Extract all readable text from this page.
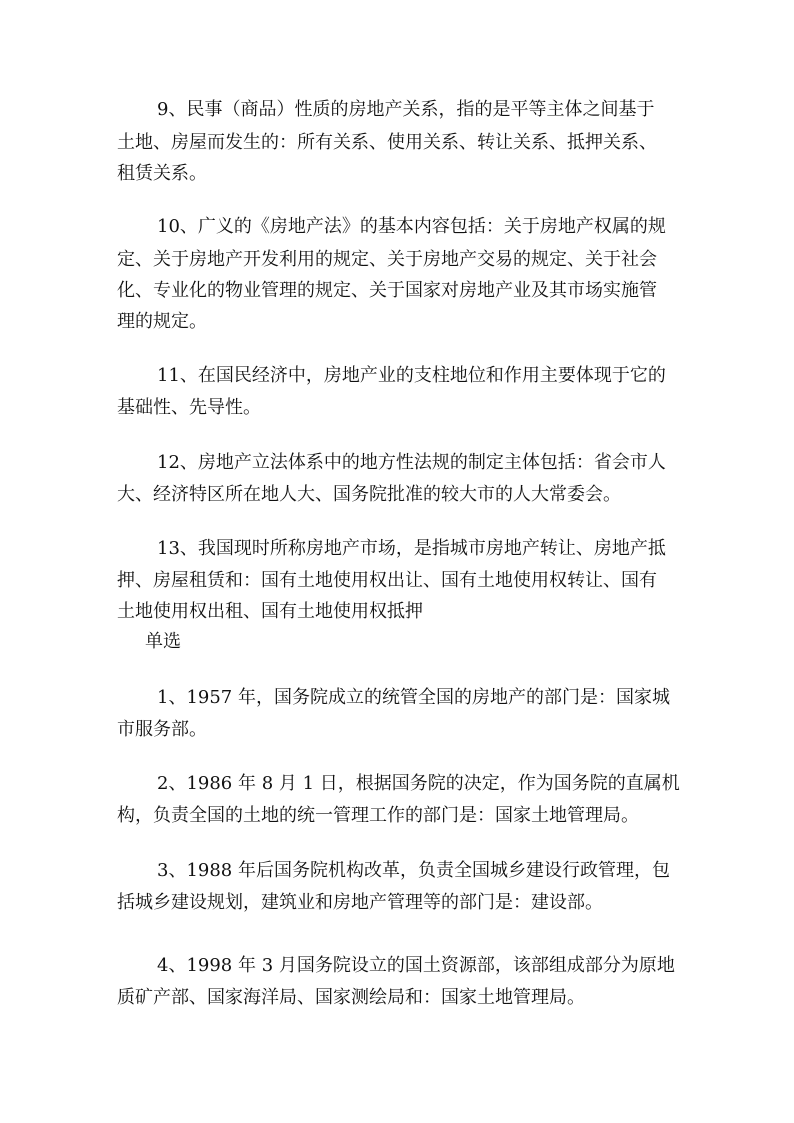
9、民事（商品）性质的房地产关系，指的是平等主体之间基于
土地、房屋而发生的：所有关系、使用关系、转让关系、抵押关系、
租赁关系。
10、广义的《房地产法》的基本内容包括：关于房地产权属的规
定、关于房地产开发利用的规定、关于房地产交易的规定、关于社会
化、专业化的物业管理的规定、关于国家对房地产业及其市场实施管
理的规定。
11、在国民经济中，房地产业的支柱地位和作用主要体现于它的
基础性、先导性。
12、房地产立法体系中的地方性法规的制定主体包括：省会市人
大、经济特区所在地人大、国务院批准的较大市的人大常委会。
13、我国现时所称房地产市场，是指城市房地产转让、房地产抵
押、房屋租赁和：国有土地使用权出让、国有土地使用权转让、国有
土地使用权出租、国有土地使用权抵押
单选
1、1957 年，国务院成立的统管全国的房地产的部门是：国家城
市服务部。
2、1986 年 8 月 1 日，根据国务院的决定，作为国务院的直属机
构，负责全国的土地的统一管理工作的部门是：国家土地管理局。
3、1988 年后国务院机构改革，负责全国城乡建设行政管理，包
括城乡建设规划，建筑业和房地产管理等的部门是：建设部。
4、1998 年 3 月国务院设立的国土资源部，该部组成部分为原地
质矿产部、国家海洋局、国家测绘局和：国家土地管理局。
